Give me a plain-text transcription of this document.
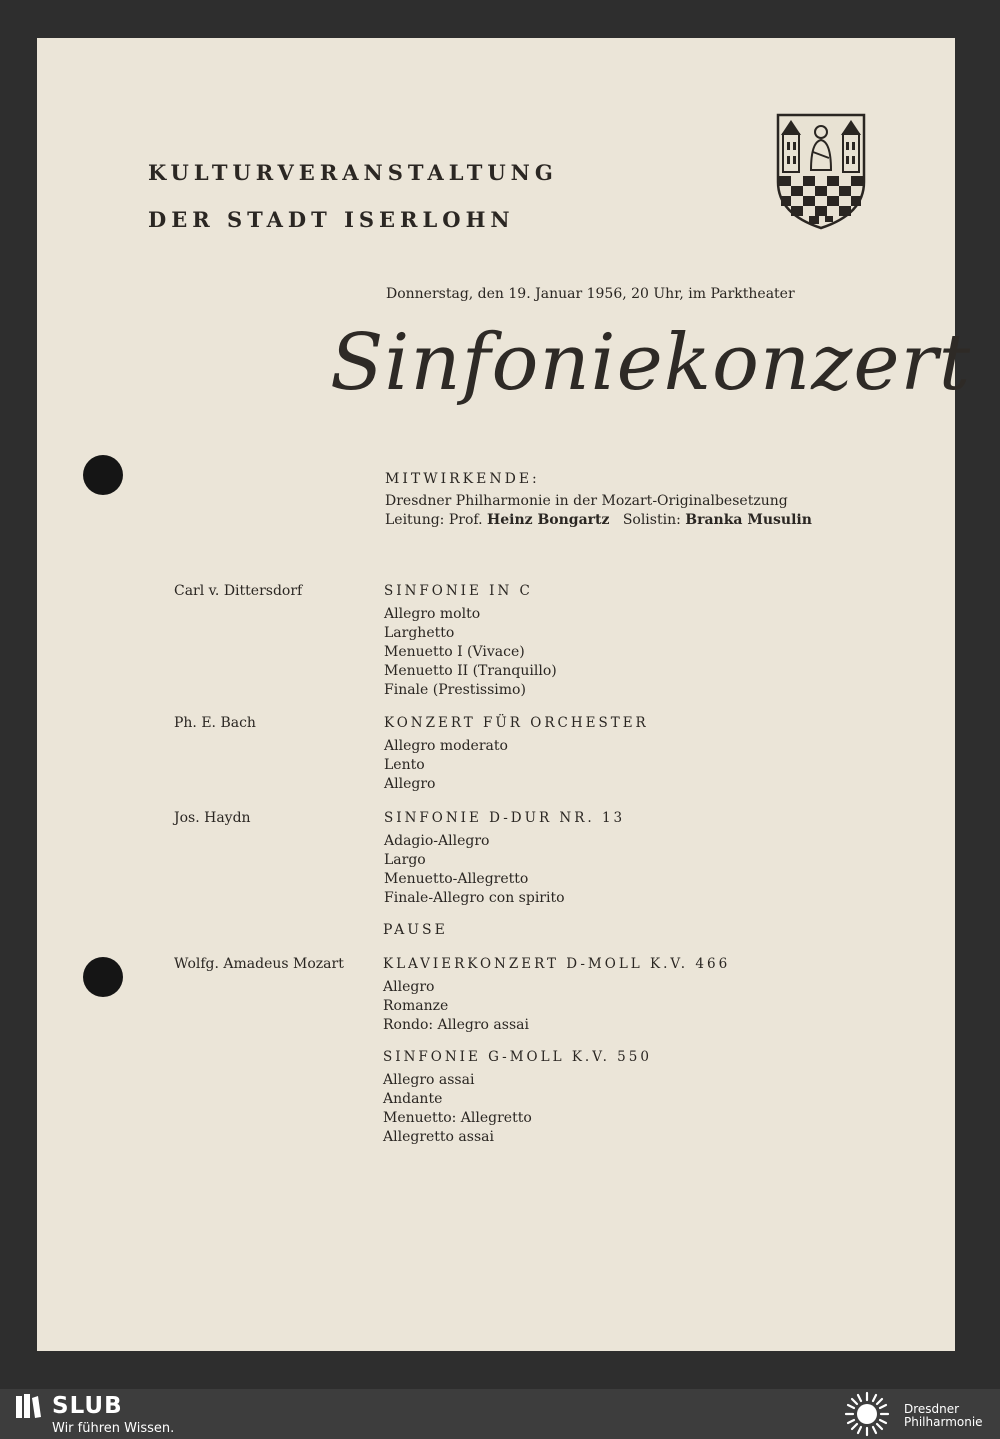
KULTURVERANSTALTUNG
DER STADT ISERLOHN
Donnerstag, den 19. Januar 1956, 20 Uhr, im Parktheater
Sinfoniekonzert
MITWIRKENDE:
Dresdner Philharmonie in der Mozart-Originalbesetzung
Leitung: Prof. Heinz Bongartz Solistin: Branka Musulin
Carl v. Dittersdorf	SINFONIE IN C
Allegro molto
Larghetto
Menuetto I (Vivace)
Menuetto II (Tranquillo)
Finale (Prestissimo)
Ph. E. Bach	KONZERT FÜR ORCHESTER
Allegro moderato
Lento
Allegro
Jos. Haydn	SINFONIE D-DUR NR. 13
Adagio-Allegro
Largo
Menuetto-Allegretto
Finale-Allegro con spirito
PAUSE
Wolfg. Amadeus Mozart	KLAVIERKONZERT D-MOLL K.V. 466
Allegro
Romanze
Rondo: Allegro assai
SINFONIE G-MOLL K.V. 550
Allegro assai
Andante
Menuetto: Allegretto
Allegretto assai
SLUB
Wir führen Wissen.
Dresdner
Philharmonie
